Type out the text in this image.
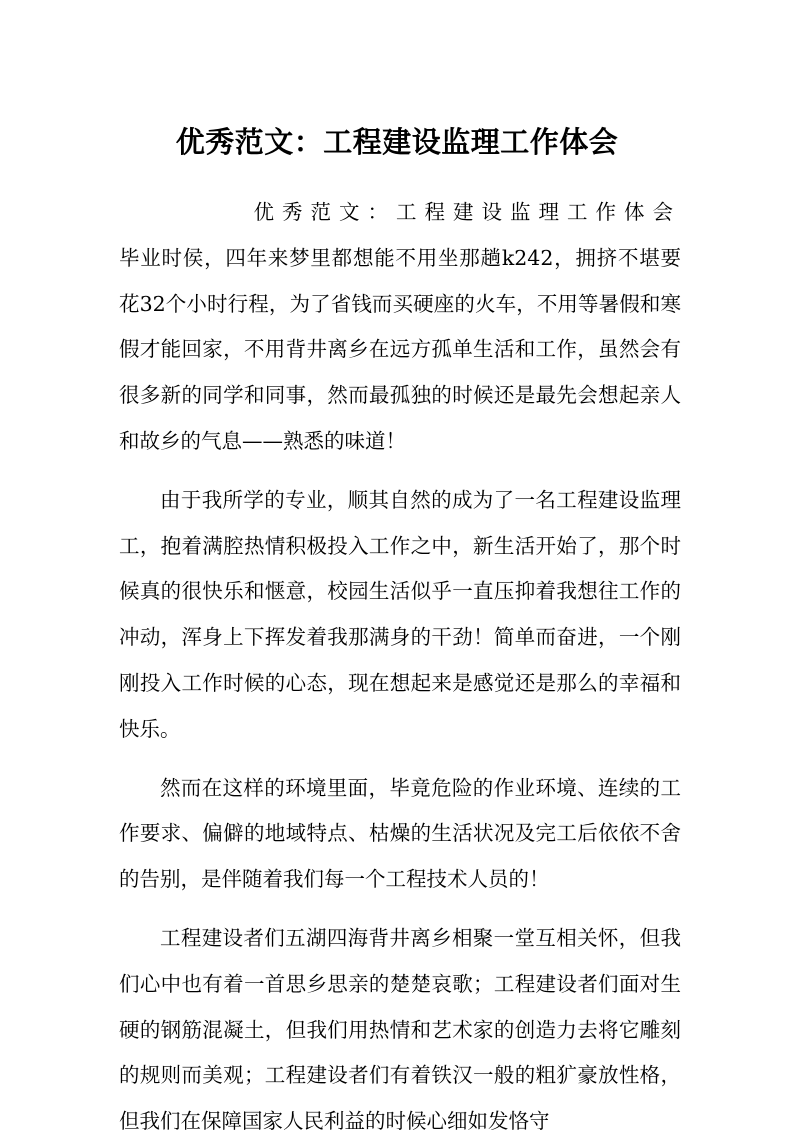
优秀范文：工程建设监理工作体会

优秀范文：工程建设监理工作体会

毕业时侯，四年来梦里都想能不用坐那趟k242，拥挤不堪要花32个小时行程，为了省钱而买硬座的火车，不用等暑假和寒假才能回家，不用背井离乡在远方孤单生活和工作，虽然会有很多新的同学和同事，然而最孤独的时候还是最先会想起亲人和故乡的气息——熟悉的味道！

由于我所学的专业，顺其自然的成为了一名工程建设监理工，抱着满腔热情积极投入工作之中，新生活开始了，那个时候真的很快乐和惬意，校园生活似乎一直压抑着我想往工作的冲动，浑身上下挥发着我那满身的干劲！简单而奋进，一个刚刚投入工作时候的心态，现在想起来是感觉还是那么的幸福和快乐。

然而在这样的环境里面，毕竟危险的作业环境、连续的工作要求、偏僻的地域特点、枯燥的生活状况及完工后依依不舍的告别，是伴随着我们每一个工程技术人员的！

工程建设者们五湖四海背井离乡相聚一堂互相关怀，但我们心中也有着一首思乡思亲的楚楚哀歌；工程建设者们面对生硬的钢筋混凝土，但我们用热情和艺术家的创造力去将它雕刻的规则而美观；工程建设者们有着铁汉一般的粗犷豪放性格，但我们在保障国家人民利益的时候心细如发恪守
